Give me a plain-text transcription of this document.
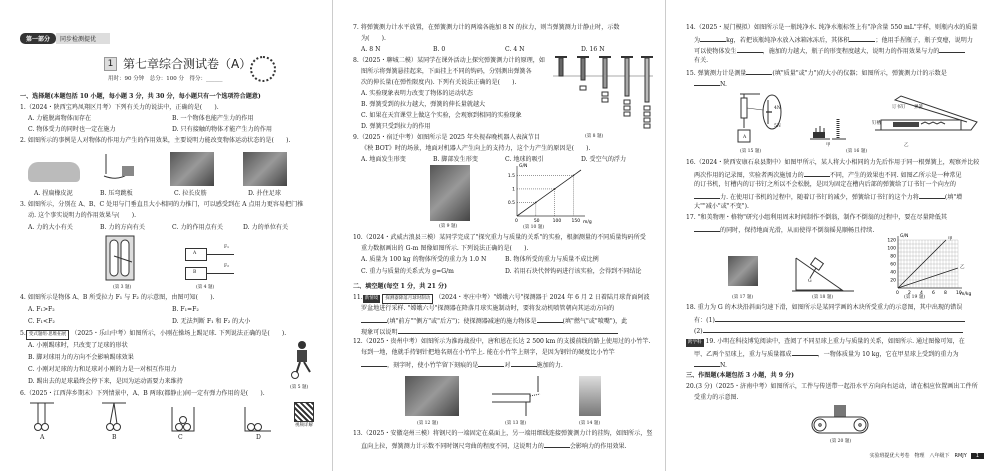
第一部分	同步检测提优
1 第七章综合测试卷（A）
用时：90 分钟　总分：100 分　得分：______
一、选择题(本题包括 10 小题，每小题 3 分，共 30 分，每小题只有一个选项符合题意)
1.（2024・陕西宝鸡凤翔区月考）下列有关力的说法中，正确的是(　　).
A. 力能脱离物体而存在	B. 一个物体也能产生力的作用
C. 物体受力的同时也一定在施力	D. 只有接触的物体才能产生力的作用
2. 如图所示的事例是人对物体的作用力产生的作用效果，主要说明力能改变物体运动状态的是(　　).
A. 捏扁橡皮泥	B. 压弯跳板	C. 拉长皮筋	D. 扑住足球
3. 如图所示，分别在 A、B、C 处用与门垂直且大小相同的力推门，可以感受到在 A 点用力更容易把门推
动. 这个事实说明力的作用效果与(　　).
A. 力的大小有关	B. 力的方向有关	C. 力的作用点有关	D. 力的单位有关
(第 3 题)
A
F₁
B
F₂
(第 4 题)
4. 如图所示是物体 A、B 所受拉力 F₁ 与 F₂ 的示意图，由图可知(　　).
A. F₁>F₂	B. F₁=F₂
C. F₁<F₂	D. 无法判断 F₁ 和 F₂ 的大小
5. 变式题组·思维拓展 （2025・乐山中考）如图所示，小刚在操场上踢足球. 下列说法正确的是(　　).
A. 小刚踢球时，只改变了足球的形状
B. 脚对球用力的方向不会影响踢球效果
C. 小刚对足球的力和足球对小刚的力是一对相互作用力
D. 踢出去的足球最终会停下来，是因为运动需要力来维持
(第 5 题)
6.（2025・江西萍乡期末）下列情景中，A、B 两球(都静止)间一定有弹力作用的是(　　).
视频详解
A	B	C	D
7. 将弹簧测力计水平放置，在弹簧测力计的两端各施加 8 N 的拉力，则当弹簧测力计静止时，示数
为(　　).
A. 8 N	B. 0	C. 4 N	D. 16 N
8.（2025・聊城二模）某同学在课外活动上探究弹簧测力计的原理，如
图所示将弹簧悬挂起来，下面挂上不同的钩码，分别测出弹簧各
次的伸长量(在弹性限度内). 下列有关说法正确的是(　　).
A. 实验现象表明力改变了物体的运动状态
B. 弹簧受到的拉力越大，弹簧的伸长量就越大
C. 如果在天宫课堂上做这个实验，会观察到相同的实验现象
D. 弹簧只受到拉力的作用
(第 8 题)
9.（2025・宿迁中考）如图所示是 2025 年央视春晚机器人表演节目
《秧 BOT》时的场景，地面对机器人产生向上的支持力，这个力产生的原因是(　　).
A. 地面发生形变	B. 脚部发生形变	C. 地球的吸引	D. 受空气的浮力
(第 9 题)
G/N
m/g
0	50	100 150
0.5
1
1.5
(第 10 题)
10.（2024・武威古浪县三模）某同学完成了"探究重力与质量的关系"的实验，根据测量的不同质量钩码所受
重力数据画出的 G-m 图像如图所示. 下列说法正确的是(　　).
A. 质量为 100 kg 的物体所受的重力为 1.0 N	B. 物体所受的重力与质量不成比例
C. 重力与质量的关系式为 g=G/m	D. 若用石块代替钩码进行该实验，会得到不同结论
二、填空题(每空 1 分，共 21 分)
11. 新情境 探测器降落月球时制动 （2024・枣庄中考）"嫦娥六号"探测器于 2024 年 6 月 2 日着陆月球背面阿波
罗盆地进行采样. "嫦娥六号"探测器在降落月球实施制动时，要将发动机喷管朝向其运动方向的
(填"前方""侧方"或"后方")；使探测器减速的施力物体是	(填"燃气"或"喷嘴")，此
现象可以说明
12.（2025・贵州中考）如图所示为淮海战役中，唐和恩在长达 2 500 km 的支援前线的路上使用过的小竹竿.
每到一地，他就手持钢针把地名刻在小竹竿上. 能在小竹竿上刻字，是因为钢针的硬度比小竹竿
，刻字时，使小竹竿留下刻痕的是	对	施加的力.
(第 12 题)	(第 13 题)	(第 14 题)
13.（2025・安徽亳州三模）将钢尺的一端固定在桌面上，另一端用细线连接弹簧测力计的挂钩，如图所示，竖
直向上拉，弹簧测力计示数不同时钢尺弯曲的程度不同，这说明力的	会影响力的作用效果.
14.（2025・厦门模拟）如图所示是一瓶纯净水. 纯净水瓶标签上有"净含量 550 mL"字样，则瓶内水的质量
为	kg，若把该瓶纯净水放入冰箱冰冻后，其体积	；他用手捏瓶子，瓶子变瘪，说明力
可以使物体发生	，施加的力越大，瓶子的形变程度越大，说明力的作用效果与力的
有关.
15. 弹簧测力计是测量	(填"质量"或"力")的大小的仪器；如图所示，弹簧测力计的示数是
N.
4N
5N
A
(第 15 题)
甲
订书钉 弹簧
钉槽
乙
(第 16 题)
16.（2024・陕西安康石泉县期中）如图甲所示，某人将大小相同的力先后作用于同一根弹簧上，观察并比较
两次作用的记录图，实验者两次施加力的	不同，产生的效果也不同. 如图乙所示是一种常见
的订书机，钉槽内的订书钉之所以不会松脱，是因为固定在槽内后部的弹簧给了订书钉一个向左的
力. 在使用订书机的过程中，随着订书钉的减少，弹簧给订书钉的这个力将	(填"增
大""减小"或"不变").
17. "和美物理・格物"研究小组利用周末时间制作不倒翁，制作不倒翁的过程中，要在尽量降低其
的同时，保持地面光滑，从而使得不倒翁摇晃顺畅且持续.
G
G/N
m/kg
0 2 4 6 8 10
20
40
60
80
100
120	甲
乙
(第 17 题)	(第 18 题)	(第 19 题)
18. 重力为 G 的木块沿斜面匀速下滑，如图所示是某同学画的木块所受重力的示意图，其中出现的错误
有：(1)
(2)
跨学科 19. 小明在科技博览阅读中，查阅了不同星球上重力与质量的关系，如图所示. 通过图像可知，在
甲、乙两个星球上，重力与质量都成	，一物体质量为 10 kg，它在甲星球上受到的重力为
N.
三、作图题(本题包括 3 小题，共 9 分)
20.(3 分)（2025・济南中考）如图所示，工件与传送带一起沿水平方向向右运动，请在相应位置画出工件所
受重力的示意图.
(第 20 题)
实验班提优大考卷　物理　八年级下　RMJY	1
